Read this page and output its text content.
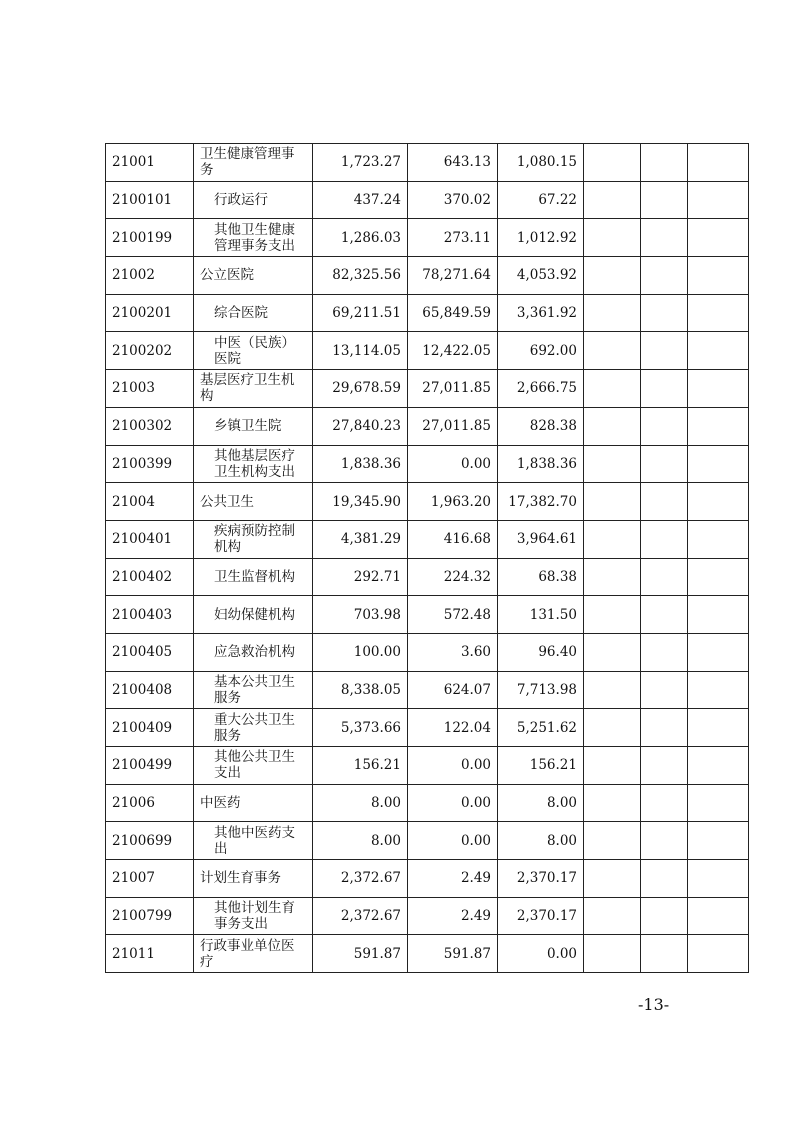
21001	卫生健康管理事务	1,723.27	643.13	1,080.15			
2100101	行政运行	437.24	370.02	67.22			
2100199	其他卫生健康管理事务支出	1,286.03	273.11	1,012.92			
21002	公立医院	82,325.56	78,271.64	4,053.92			
2100201	综合医院	69,211.51	65,849.59	3,361.92			
2100202	中医（民族）医院	13,114.05	12,422.05	692.00			
21003	基层医疗卫生机构	29,678.59	27,011.85	2,666.75			
2100302	乡镇卫生院	27,840.23	27,011.85	828.38			
2100399	其他基层医疗卫生机构支出	1,838.36	0.00	1,838.36			
21004	公共卫生	19,345.90	1,963.20	17,382.70			
2100401	疾病预防控制机构	4,381.29	416.68	3,964.61			
2100402	卫生监督机构	292.71	224.32	68.38			
2100403	妇幼保健机构	703.98	572.48	131.50			
2100405	应急救治机构	100.00	3.60	96.40			
2100408	基本公共卫生服务	8,338.05	624.07	7,713.98			
2100409	重大公共卫生服务	5,373.66	122.04	5,251.62			
2100499	其他公共卫生支出	156.21	0.00	156.21			
21006	中医药	8.00	0.00	8.00			
2100699	其他中医药支出	8.00	0.00	8.00			
21007	计划生育事务	2,372.67	2.49	2,370.17			
2100799	其他计划生育事务支出	2,372.67	2.49	2,370.17			
21011	行政事业单位医疗	591.87	591.87	0.00			
-13-
